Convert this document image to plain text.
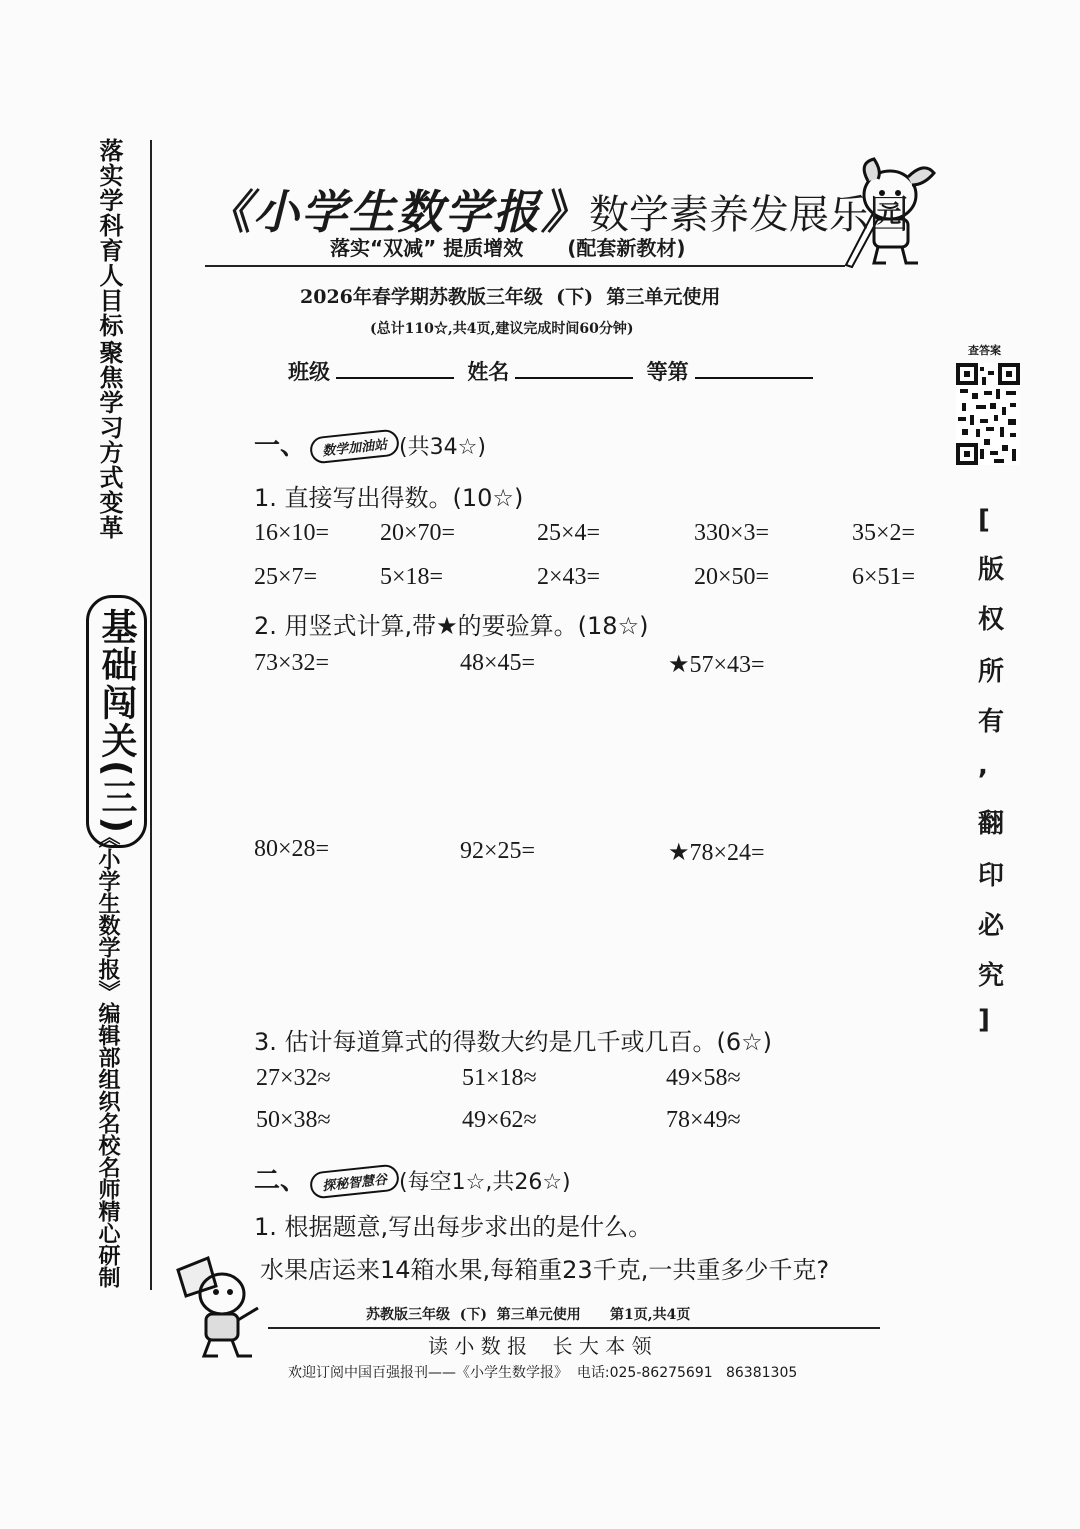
落实学科育人目标
聚焦学习方式变革
基础闯关(三)
《小学生数学报》编辑部组织名校名师精心研制
《小学生数学报》数学素养发展乐园
落实“双减” 提质增效 (配套新教材)
2026年春学期苏教版三年级  (下)  第三单元使用
(总计110☆,共4页,建议完成时间60分钟)
班级	姓名	等第
查答案
[
版
权
所
有
,
翻
印
必
究
]
一、 数学加油站 (共34☆)
1. 直接写出得数。(10☆)
16×10= 20×70=	25×4=	330×3=	35×2=
25×7=	5×18=	2×43=	20×50=	6×51=
2. 用竖式计算,带★的要验算。(18☆)
73×32=	48×45=	★57×43=
80×28=	92×25=	★78×24=
3. 估计每道算式的得数大约是几千或几百。(6☆)
27×32≈	51×18≈	49×58≈
50×38≈	49×62≈	78×49≈
二、 探秘智慧谷 (每空1☆,共26☆)
1. 根据题意,写出每步求出的是什么。
水果店运来14箱水果,每箱重23千克,一共重多少千克?
苏教版三年级  (下)  第三单元使用      第1页,共4页
读 小 数 报    长 大 本 领
欢迎订阅中国百强报刊——《小学生数学报》  电话:025-86275691   86381305
